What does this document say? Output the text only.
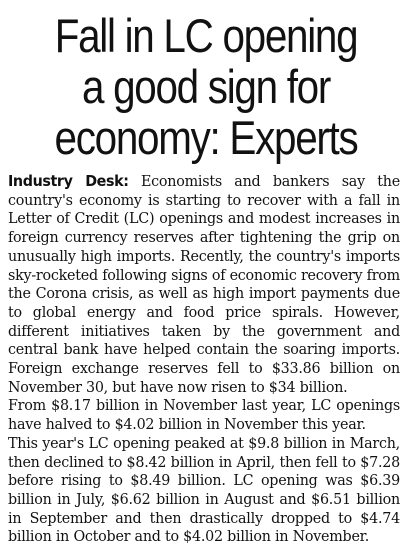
Fall in LC opening
a good sign for
economy: Experts

Industry Desk: Economists and bankers say the country's economy is starting to recover with a fall in Letter of Credit (LC) openings and modest increases in foreign currency reserves after tightening the grip on unusually high imports. Recently, the country's imports sky-rocketed following signs of economic recovery from the Corona crisis, as well as high import payments due to global energy and food price spirals. However, different initiatives taken by the government and central bank have helped contain the soaring imports. Foreign exchange reserves fell to $33.86 billion on November 30, but have now risen to $34 billion.

From $8.17 billion in November last year, LC openings have halved to $4.02 billion in November this year.

This year's LC opening peaked at $9.8 billion in March, then declined to $8.42 billion in April, then fell to $7.28 before rising to $8.49 billion. LC opening was $6.39 billion in July, $6.62 billion in August and $6.51 billion in September and then drastically dropped to $4.74 billion in October and to $4.02 billion in November.
